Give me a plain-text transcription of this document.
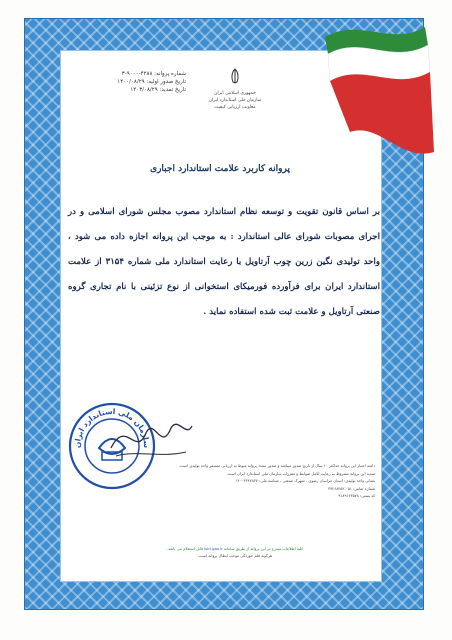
شماره پروانه: ۴۲۸۸-۹۰۰۰-۳
تاریخ صدور اولیه: ۱۴۰۰/۰۸/۲۹
تاریخ تمدید: ۱۴۰۳/۰۸/۲۹
جمهوری اسلامی ایران
سازمان ملی استاندارد ایران
معاونت ارزیابی کیفیت
پروانه کاربرد علامت استاندارد اجباری
بر اساس قانون تقویت و توسعه نظام استاندارد مصوب مجلس شورای اسلامی و در اجرای مصوبات شورای عالی استاندارد : به موجب این پروانه اجازه داده می شود ، واحد تولیدی نگین زرین چوب آرتاویل با رعایت استاندارد ملی شماره ۳۱۵۴ از علامت استاندارد ایران برای فرآورده فورمیکای استخوانی از نوع تزئینی با نام تجاری گروه صنعتی آرتاویل و علامت ثبت شده استفاده نماید .
سازمان ملی استاندارد ایران
دامنه اعتبار این پروانه حداکثر ۱۰ سال از تاریخ صدور میباشد و صدور مجدد پروانه منوط به ارزیابی مستمر واحد تولیدی است.
تمدید این پروانه مشروط به رعایت کامل ضوابط و مقررات سازمان ملی استاندارد ایران است.
نشانی واحد تولیدی: استان خراسان رضوی - شهرک صنعتی - شناسه ملی: ۱۴۰۰۴۳۴۷۸۳۷
شماره تماس: ۰۵۱-۳۷۲۶۸۴۵۲
کد پستی: ۹۱۸۹۱۴۳۵۷۸
کلیه اطلاعات مندرج در این پروانه از طریق سامانه isiri.gov.ir قابل استعلام می باشد.
هرگونه قلم خوردگی موجب ابطال پروانه است.
